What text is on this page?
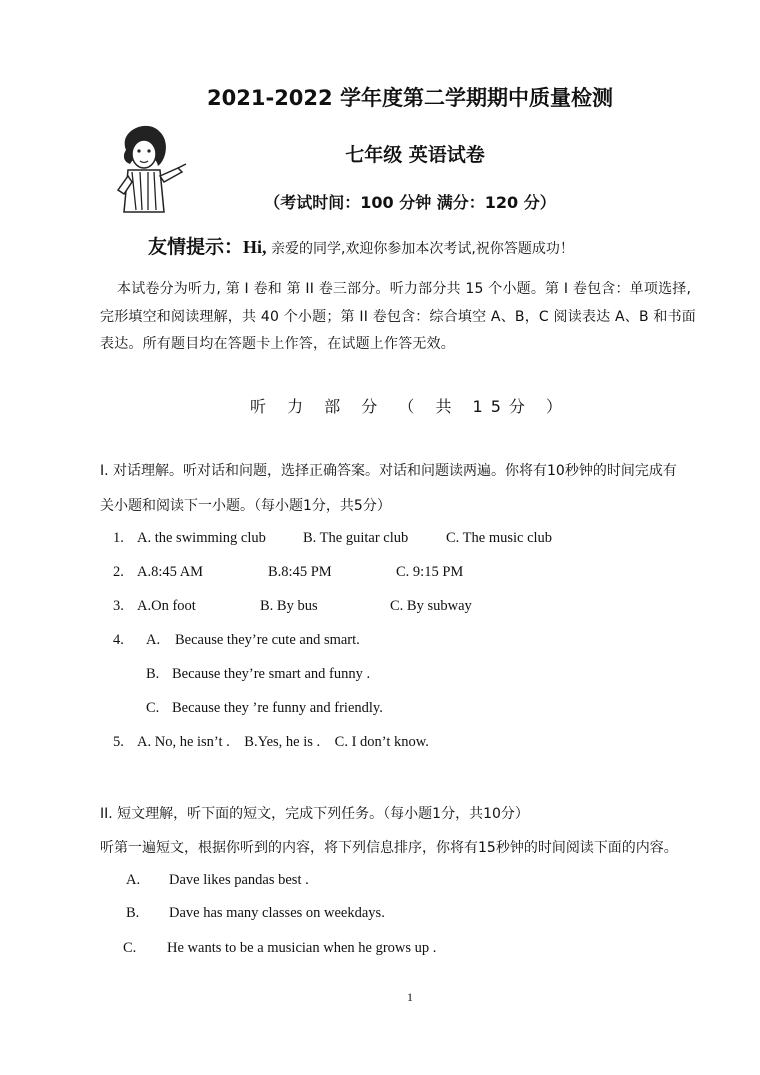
2021-2022 学年度第二学期期中质量检测
七年级 英语试卷
（考试时间：100 分钟 满分：120 分）
友情提示：Hi, 亲爱的同学,欢迎你参加本次考试,祝你答题成功！
本试卷分为听力, 第 I 卷和 第 II 卷三部分。听力部分共 15 个小题。第 I 卷包含：单项选择,
完形填空和阅读理解，共 40 个小题；第 II 卷包含：综合填空 A、B，C 阅读表达 A、B 和书面
表达。所有题目均在答题卡上作答，在试题上作答无效。
听 力 部 分 （ 共 15分 ）
I. 对话理解。听对话和问题，选择正确答案。对话和问题读两遍。你将有10秒钟的时间完成有
关小题和阅读下一小题。（每小题1分，共5分）
1. A. the swimming club	B. The guitar club	C. The music club
2. A.8:45 AM	B.8:45 PM	C. 9:15 PM
3. A.On foot	B. By bus	C. By subway
4. A. Because they’re cute and smart.
B. Because they’re smart and funny .
C. Because they ’re funny and friendly.
5. A. No, he isn’t .    B.Yes, he is .    C. I don’t know.
II. 短文理解，听下面的短文，完成下列任务。（每小题1分，共10分）
听第一遍短文，根据你听到的内容，将下列信息排序，你将有15秒钟的时间阅读下面的内容。
A. Dave likes pandas best .
B. Dave has many classes on weekdays.
C. He wants to be a musician when he grows up .
1
